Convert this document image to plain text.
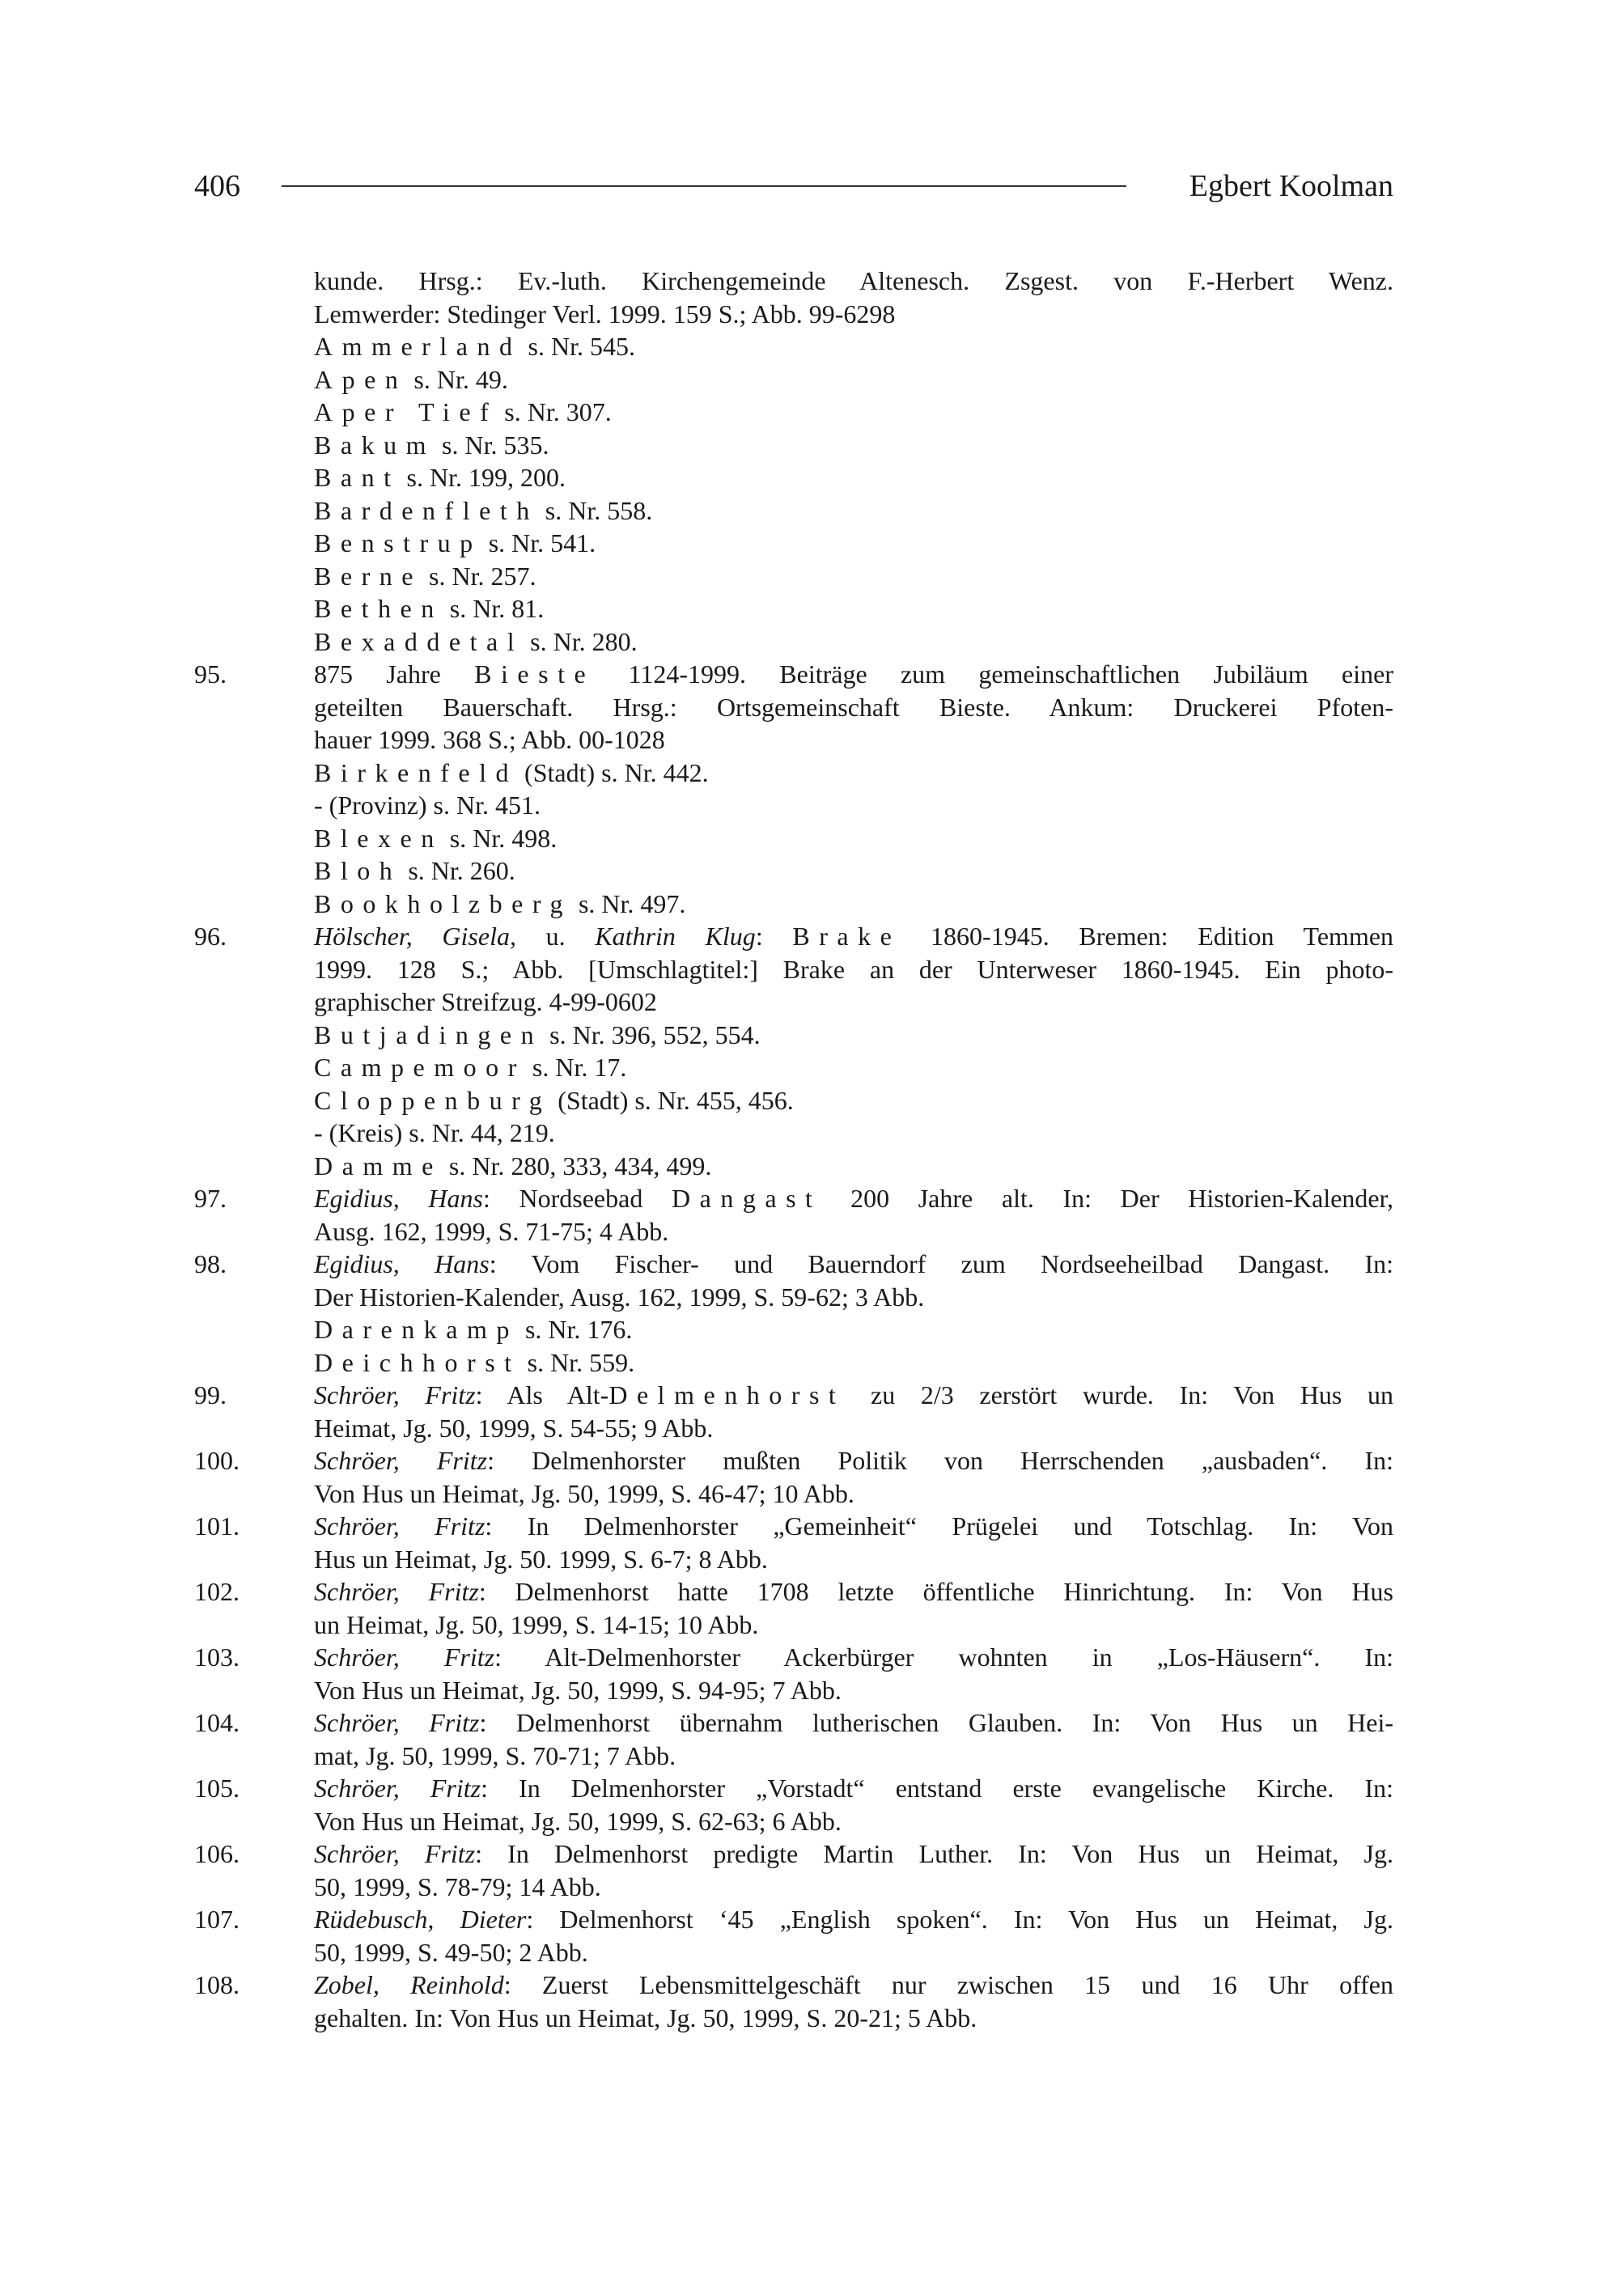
406	Egbert Koolman
kunde. Hrsg.: Ev.-luth. Kirchengemeinde Altenesch. Zsgest. von F.-Herbert Wenz.
Lemwerder: Stedinger Verl. 1999. 159 S.; Abb. 99-6298
Ammerland s. Nr. 545.
Apen s. Nr. 49.
Aper Tief s. Nr. 307.
Bakum s. Nr. 535.
Bant s. Nr. 199, 200.
Bardenfleth s. Nr. 558.
Benstrup s. Nr. 541.
Berne s. Nr. 257.
Bethen s. Nr. 81.
Bexaddetal s. Nr. 280.
95.	875 Jahre Bieste 1124-1999. Beiträge zum gemeinschaftlichen Jubiläum einer
geteilten Bauerschaft. Hrsg.: Ortsgemeinschaft Bieste. Ankum: Druckerei Pfoten-
hauer 1999. 368 S.; Abb. 00-1028
Birkenfeld (Stadt) s. Nr. 442.
- (Provinz) s. Nr. 451.
Blexen s. Nr. 498.
Bloh s. Nr. 260.
Bookholzberg s. Nr. 497.
96.	Hölscher, Gisela, u. Kathrin Klug: Brake 1860-1945. Bremen: Edition Temmen
1999. 128 S.; Abb. [Umschlagtitel:] Brake an der Unterweser 1860-1945. Ein photo-
graphischer Streifzug. 4-99-0602
Butjadingen s. Nr. 396, 552, 554.
Campemoor s. Nr. 17.
Cloppenburg (Stadt) s. Nr. 455, 456.
- (Kreis) s. Nr. 44, 219.
Damme s. Nr. 280, 333, 434, 499.
97.	Egidius, Hans: Nordseebad Dangast 200 Jahre alt. In: Der Historien-Kalender,
Ausg. 162, 1999, S. 71-75; 4 Abb.
98.	Egidius, Hans: Vom Fischer- und Bauerndorf zum Nordseeheilbad Dangast. In:
Der Historien-Kalender, Ausg. 162, 1999, S. 59-62; 3 Abb.
Darenkamp s. Nr. 176.
Deichhorst s. Nr. 559.
99.	Schröer, Fritz: Als Alt-Delmenhorst zu 2/3 zerstört wurde. In: Von Hus un
Heimat, Jg. 50, 1999, S. 54-55; 9 Abb.
100.	Schröer, Fritz: Delmenhorster mußten Politik von Herrschenden „ausbaden“. In:
Von Hus un Heimat, Jg. 50, 1999, S. 46-47; 10 Abb.
101.	Schröer, Fritz: In Delmenhorster „Gemeinheit“ Prügelei und Totschlag. In: Von
Hus un Heimat, Jg. 50. 1999, S. 6-7; 8 Abb.
102.	Schröer, Fritz: Delmenhorst hatte 1708 letzte öffentliche Hinrichtung. In: Von Hus
un Heimat, Jg. 50, 1999, S. 14-15; 10 Abb.
103.	Schröer, Fritz: Alt-Delmenhorster Ackerbürger wohnten in „Los-Häusern“. In:
Von Hus un Heimat, Jg. 50, 1999, S. 94-95; 7 Abb.
104.	Schröer, Fritz: Delmenhorst übernahm lutherischen Glauben. In: Von Hus un Hei-
mat, Jg. 50, 1999, S. 70-71; 7 Abb.
105.	Schröer, Fritz: In Delmenhorster „Vorstadt“ entstand erste evangelische Kirche. In:
Von Hus un Heimat, Jg. 50, 1999, S. 62-63; 6 Abb.
106.	Schröer, Fritz: In Delmenhorst predigte Martin Luther. In: Von Hus un Heimat, Jg.
50, 1999, S. 78-79; 14 Abb.
107.	Rüdebusch, Dieter: Delmenhorst ‘45 „English spoken“. In: Von Hus un Heimat, Jg.
50, 1999, S. 49-50; 2 Abb.
108.	Zobel, Reinhold: Zuerst Lebensmittelgeschäft nur zwischen 15 und 16 Uhr offen
gehalten. In: Von Hus un Heimat, Jg. 50, 1999, S. 20-21; 5 Abb.
